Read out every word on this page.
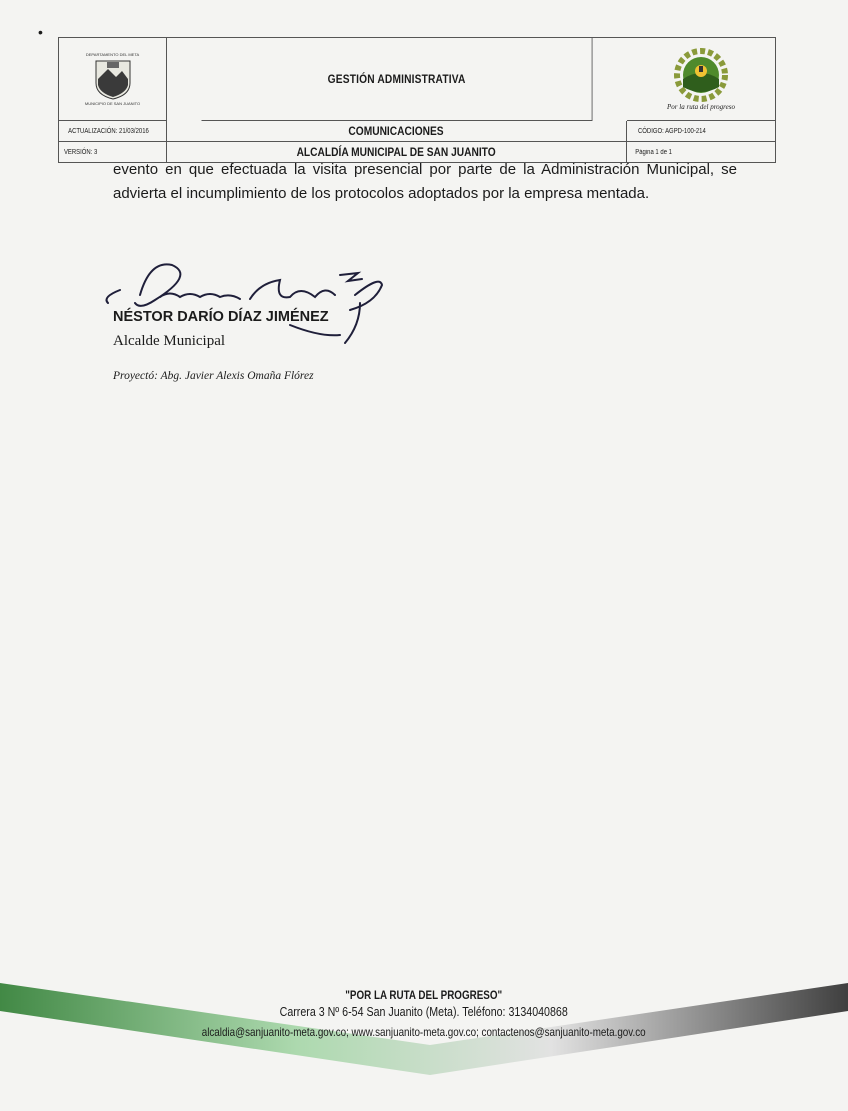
•
DEPARTAMENTO DEL META
MUNICIPIO DE SAN JUANITO
GESTIÓN ADMINISTRATIVA
Por la ruta del progreso
ACTUALIZACIÓN: 21/03/2016
VERSIÓN: 3
COMUNICACIONES
ALCALDÍA MUNICIPAL DE SAN JUANITO
CÓDIGO: AGPD-100-214
Página 1 de 1

evento en que efectuada la visita presencial por parte de la Administración Municipal, se advierta el incumplimiento de los protocolos adoptados por la empresa mentada.

NÉSTOR DARÍO DÍAZ JIMÉNEZ
Alcalde Municipal
Proyectó: Abg. Javier Alexis Omaña Flórez
"POR LA RUTA DEL PROGRESO"
Carrera 3 Nº 6-54 San Juanito (Meta). Teléfono: 3134040868
alcaldia@sanjuanito-meta.gov.co; www.sanjuanito-meta.gov.co; contactenos@sanjuanito-meta.gov.co
